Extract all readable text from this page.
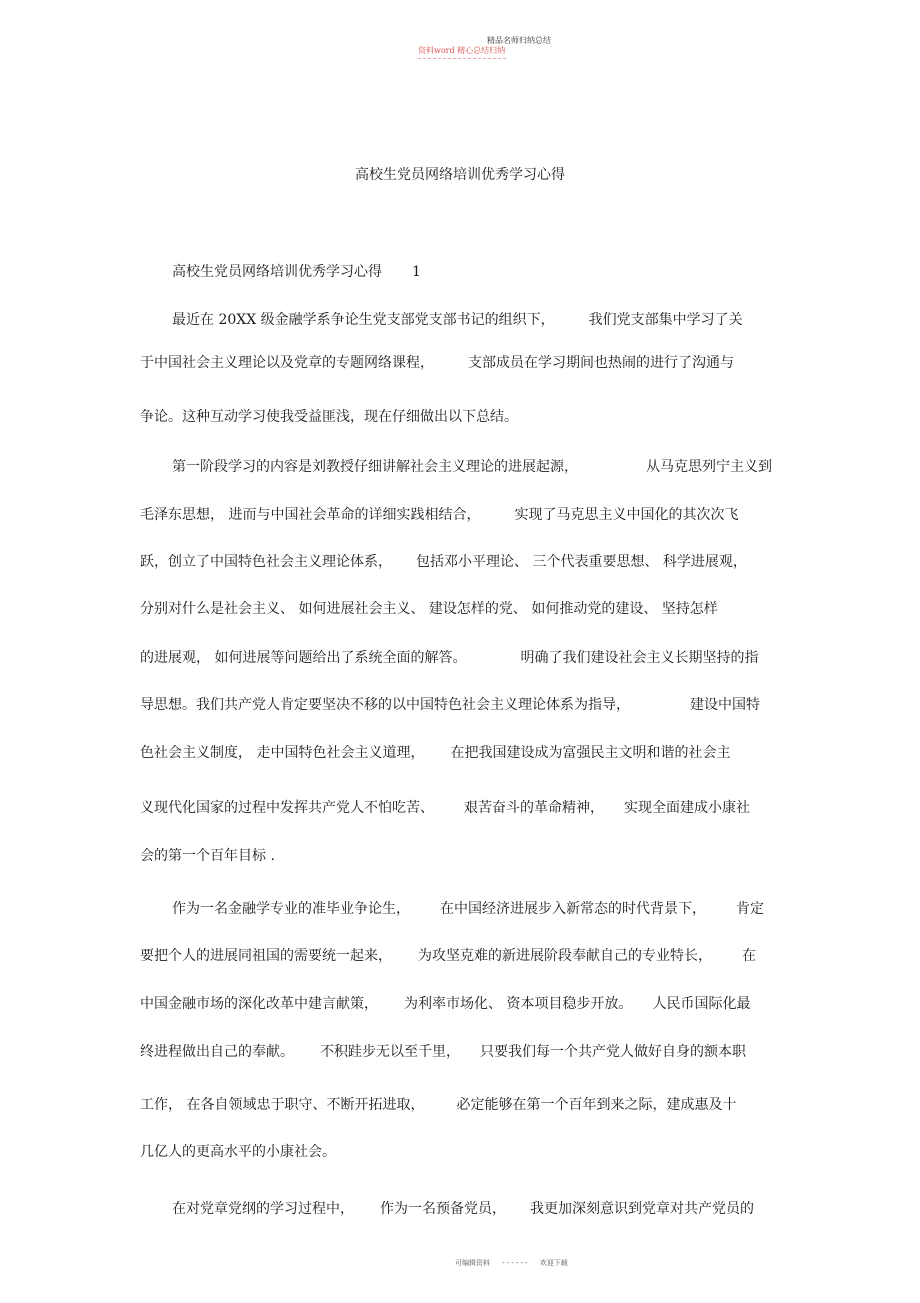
精品名师归纳总结
资料word 精心总结归纳
高校生党员网络培训优秀学习心得
高校生党员网络培训优秀学习心得 1
最近在 20XX 级金融学系争论生党支部党支部书记的组织下， 我们党支部集中学习了关
于中国社会主义理论以及党章的专题网络课程， 支部成员在学习期间也热闹的进行了沟通与
争论。这种互动学习使我受益匪浅，现在仔细做出以下总结。
第一阶段学习的内容是刘教授仔细讲解社会主义理论的进展起源，	从马克思列宁主义到
毛泽东思想， 进而与中国社会革命的详细实践相结合， 实现了马克思主义中国化的其次次飞
跃，创立了中国特色社会主义理论体系， 包括邓小平理论、 三个代表重要思想、 科学进展观，
分别对什么是社会主义、 如何进展社会主义、 建设怎样的党、 如何推动党的建设、 坚持怎样
的进展观， 如何进展等问题给出了系统全面的解答。	明确了我们建设社会主义长期坚持的指
导思想。我们共产党人肯定要坚决不移的以中国特色社会主义理论体系为指导，	建设中国特
色社会主义制度， 走中国特色社会主义道理， 在把我国建设成为富强民主文明和谐的社会主
义现代化国家的过程中发挥共产党人不怕吃苦、 艰苦奋斗的革命精神， 实现全面建成小康社
会的第一个百年目标 .
作为一名金融学专业的准毕业争论生， 在中国经济进展步入新常态的时代背景下， 肯定
要把个人的进展同祖国的需要统一起来， 为攻坚克难的新进展阶段奉献自己的专业特长， 在
中国金融市场的深化改革中建言献策， 为利率市场化、 资本项目稳步开放。 人民币国际化最
终进程做出自己的奉献。 不积跬步无以至千里， 只要我们每一个共产党人做好自身的额本职
工作， 在各自领域忠于职守、不断开拓进取， 必定能够在第一个百年到来之际，建成惠及十
几亿人的更高水平的小康社会。
在对党章党纲的学习过程中， 作为一名预备党员， 我更加深刻意识到党章对共产党员的
可编辑资料 - - - - - - 欢迎下载
